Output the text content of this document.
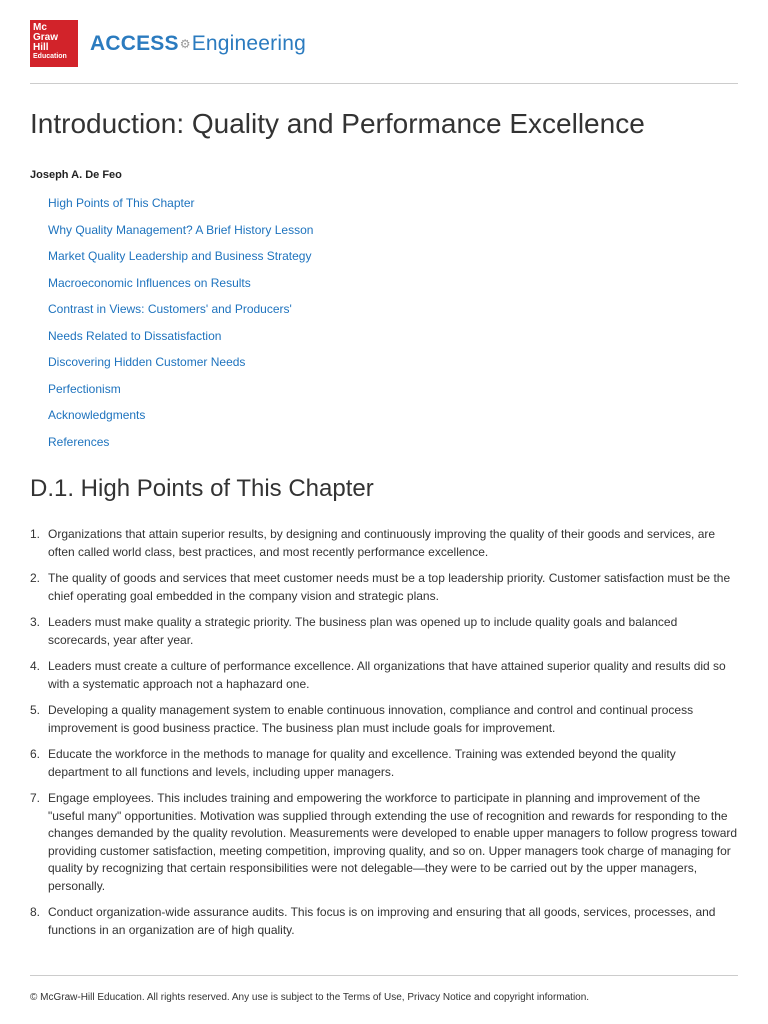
Mc
Graw
Hill
Education
ACCESS⚙Engineering
Introduction: Quality and Performance Excellence
Joseph A. De Feo
High Points of This Chapter
Why Quality Management? A Brief History Lesson
Market Quality Leadership and Business Strategy
Macroeconomic Influences on Results
Contrast in Views: Customers' and Producers'
Needs Related to Dissatisfaction
Discovering Hidden Customer Needs
Perfectionism
Acknowledgments
References
D.1. High Points of This Chapter
1. Organizations that attain superior results, by designing and continuously improving the quality of their goods and services, are often called world class, best practices, and most recently performance excellence.
2. The quality of goods and services that meet customer needs must be a top leadership priority. Customer satisfaction must be the chief operating goal embedded in the company vision and strategic plans.
3. Leaders must make quality a strategic priority. The business plan was opened up to include quality goals and balanced scorecards, year after year.
4. Leaders must create a culture of performance excellence. All organizations that have attained superior quality and results did so with a systematic approach not a haphazard one.
5. Developing a quality management system to enable continuous innovation, compliance and control and continual process improvement is good business practice. The business plan must include goals for improvement.
6. Educate the workforce in the methods to manage for quality and excellence. Training was extended beyond the quality department to all functions and levels, including upper managers.
7. Engage employees. This includes training and empowering the workforce to participate in planning and improvement of the "useful many" opportunities. Motivation was supplied through extending the use of recognition and rewards for responding to the changes demanded by the quality revolution. Measurements were developed to enable upper managers to follow progress toward providing customer satisfaction, meeting competition, improving quality, and so on. Upper managers took charge of managing for quality by recognizing that certain responsibilities were not delegable—they were to be carried out by the upper managers, personally.
8. Conduct organization-wide assurance audits. This focus is on improving and ensuring that all goods, services, processes, and functions in an organization are of high quality.
© McGraw-Hill Education. All rights reserved. Any use is subject to the Terms of Use, Privacy Notice and copyright information.
